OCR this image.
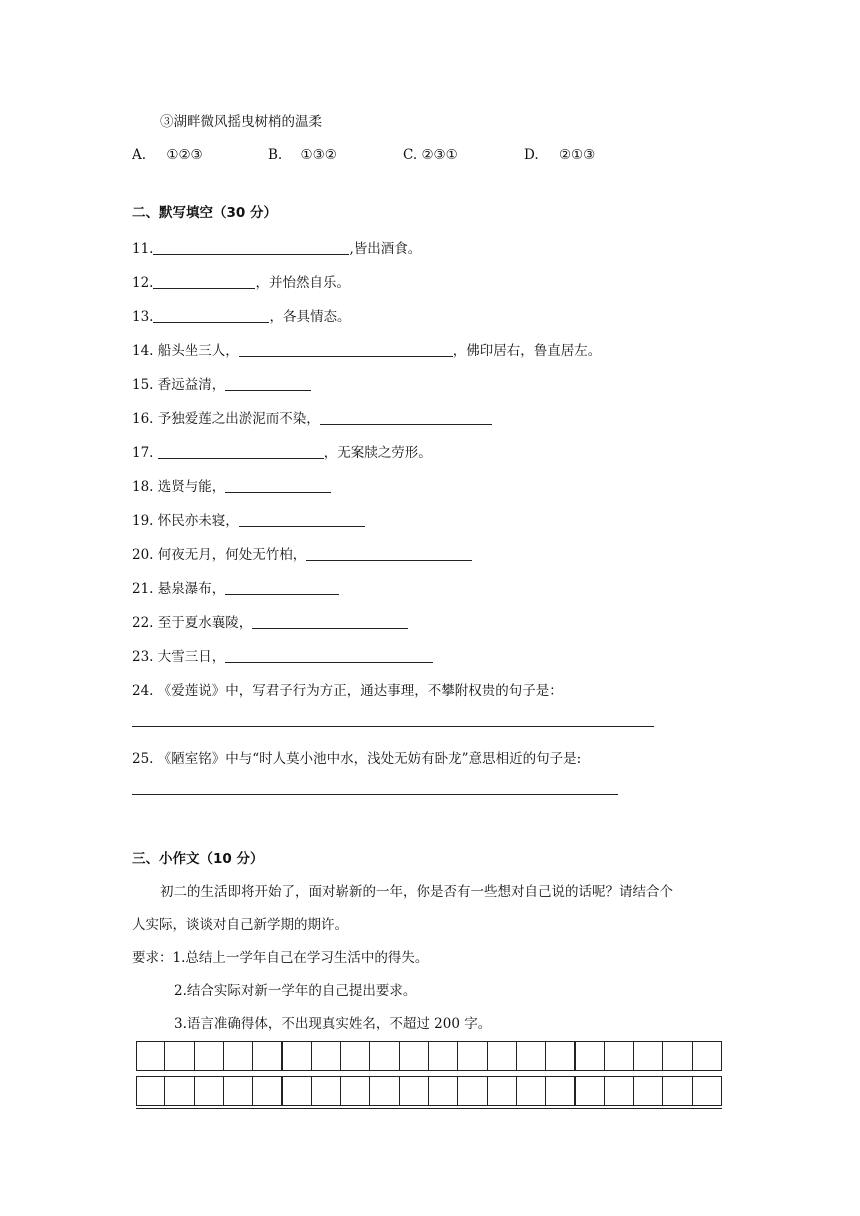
③湖畔微风摇曳树梢的温柔
A. ①②③	B. ①③②	C. ②③①	D. ②①③
二、默写填空（30 分）
11.	,皆出酒食。
12.	，并怡然自乐。
13.	，各具情态。
14. 船头坐三人，	，佛印居右，鲁直居左。
15. 香远益清，
16. 予独爱莲之出淤泥而不染，
17.	，无案牍之劳形。
18. 选贤与能，
19. 怀民亦未寝，
20. 何夜无月，何处无竹柏，
21. 悬泉瀑布，
22. 至于夏水襄陵，
23. 大雪三日，
24. 《爱莲说》中，写君子行为方正，通达事理，不攀附权贵的句子是：
25. 《陋室铭》中与“时人莫小池中水，浅处无妨有卧龙”意思相近的句子是:
三、小作文（10 分）
初二的生活即将开始了，面对崭新的一年，你是否有一些想对自己说的话呢？请结合个
人实际，谈谈对自己新学期的期许。
要求：1.总结上一学年自己在学习生活中的得失。
2.结合实际对新一学年的自己提出要求。
3.语言准确得体，不出现真实姓名，不超过 200 字。
